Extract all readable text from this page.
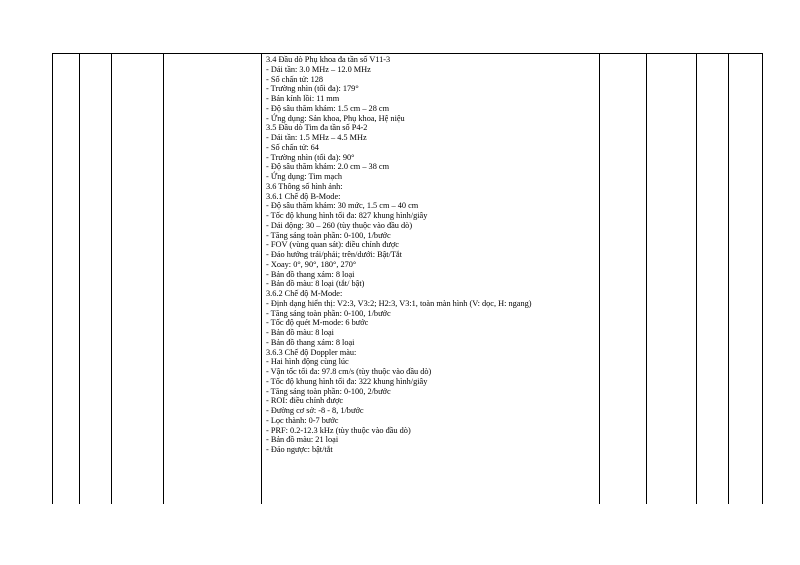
3.4 Đầu dò Phụ khoa đa tần số V11-3
- Dải tần: 3.0 MHz – 12.0 MHz
- Số chấn tử: 128
- Trường nhìn (tối đa): 179°
- Bán kính lồi: 11 mm
- Độ sâu thăm khám: 1.5 cm – 28 cm
- Ứng dụng: Sản khoa, Phụ khoa, Hệ niệu
3.5 Đầu dò Tim đa tần số P4-2
- Dải tần: 1.5 MHz – 4.5 MHz
- Số chấn tử: 64
- Trường nhìn (tối đa): 90°
- Độ sâu thăm khám: 2.0 cm – 38 cm
- Ứng dụng: Tim mạch
3.6 Thông số hình ảnh:
3.6.1 Chế độ B-Mode:
- Độ sâu thăm khám: 30 mức, 1.5 cm – 40 cm
- Tốc độ khung hình tối đa: 827 khung hình/giây
- Dải động: 30 – 260 (tùy thuộc vào đầu dò)
- Tăng sáng toàn phần: 0-100, 1/bước
- FOV (vùng quan sát): điều chỉnh được
- Đảo hướng trái/phải; trên/dưới: Bật/Tắt
- Xoay: 0°, 90°, 180°, 270°
- Bản đồ thang xám: 8 loại
- Bản đồ màu: 8 loại (tắt/ bật)
3.6.2 Chế độ M-Mode:
- Định dạng hiển thị: V2:3, V3:2; H2:3, V3:1, toàn màn hình (V: dọc, H: ngang)
- Tăng sáng toàn phần: 0-100, 1/bước
- Tốc độ quét M-mode: 6 bước
- Bản đồ màu: 8 loại
- Bản đồ thang xám: 8 loại
3.6.3 Chế độ Doppler màu:
- Hai hình động cùng lúc
- Vận tốc tối đa: 97.8 cm/s (tùy thuộc vào đầu dò)
- Tốc độ khung hình tối đa: 322 khung hình/giây
- Tăng sáng toàn phần: 0-100, 2/bước
- ROI: điều chỉnh được
- Đường cơ sở: -8 - 8, 1/bước
- Lọc thành: 0-7 bước
- PRF: 0.2-12.3 kHz (tùy thuộc vào đầu dò)
- Bản đồ màu: 21 loại
- Đảo ngược: bật/tắt
